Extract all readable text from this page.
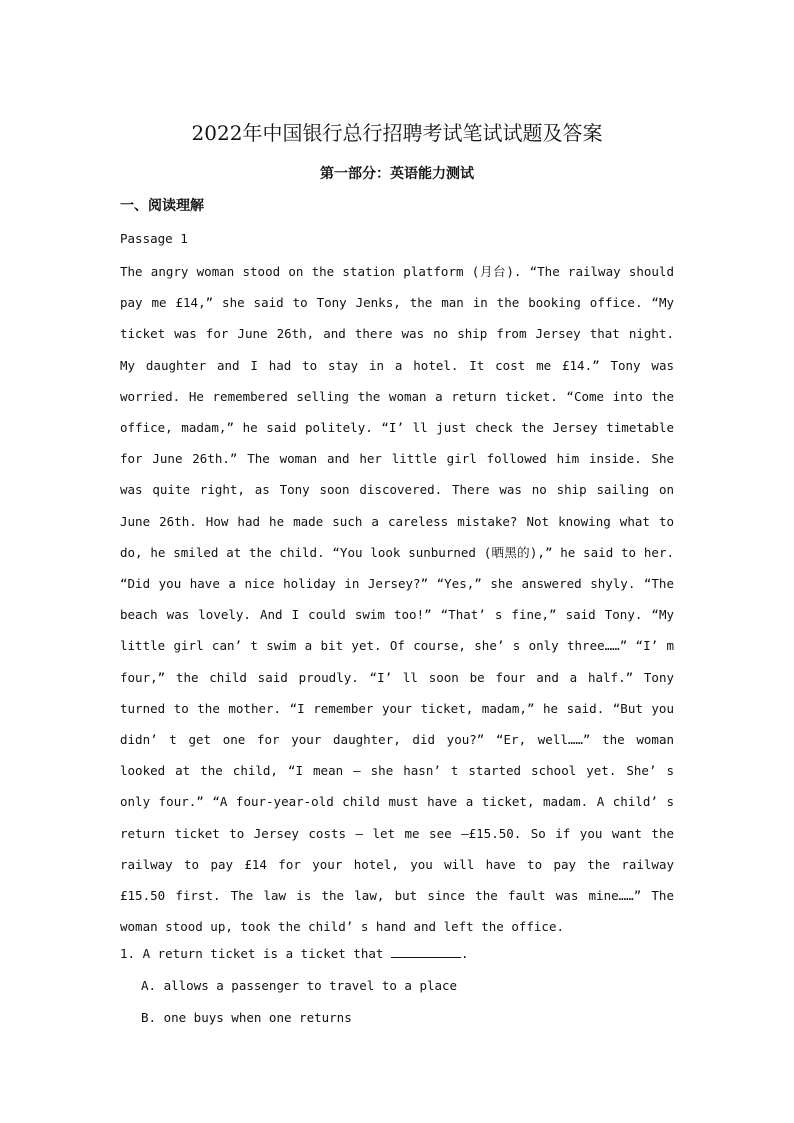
2022年中国银行总行招聘考试笔试试题及答案
第一部分：英语能力测试
一、阅读理解

Passage 1

The angry woman stood on the station platform (月台). “The railway should pay me £14,” she said to Tony Jenks, the man in the booking office. “My ticket was for June 26th, and there was no ship from Jersey that night. My daughter and I had to stay in a hotel. It cost me £14.” Tony was worried. He remembered selling the woman a return ticket. “Come into the office, madam,” he said politely. “I’ ll just check the Jersey timetable for June 26th.” The woman and her little girl followed him inside. She was quite right, as Tony soon discovered. There was no ship sailing on June 26th. How had he made such a careless mistake? Not knowing what to do, he smiled at the child. “You look sunburned (晒黑的),” he said to her. “Did you have a nice holiday in Jersey?” “Yes,” she answered shyly. “The beach was lovely. And I could swim too!” “That’ s fine,” said Tony. “My little girl can’ t swim a bit yet. Of course, she’ s only three……” “I’ m four,” the child said proudly. “I’ ll soon be four and a half.” Tony turned to the mother. “I remember your ticket, madam,” he said. “But you didn’ t get one for your daughter, did you?” “Er, well……” the woman looked at the child, “I mean — she hasn’ t started school yet. She’ s only four.” “A four-year-old child must have a ticket, madam. A child’ s return ticket to Jersey costs — let me see —£15.50. So if you want the railway to pay £14 for your hotel, you will have to pay the railway £15.50 first. The law is the law, but since the fault was mine……” The woman stood up, took the child’ s hand and left the office.

1. A return ticket is a ticket that	.

A. allows a passenger to travel to a place

B. one buys when one returns
